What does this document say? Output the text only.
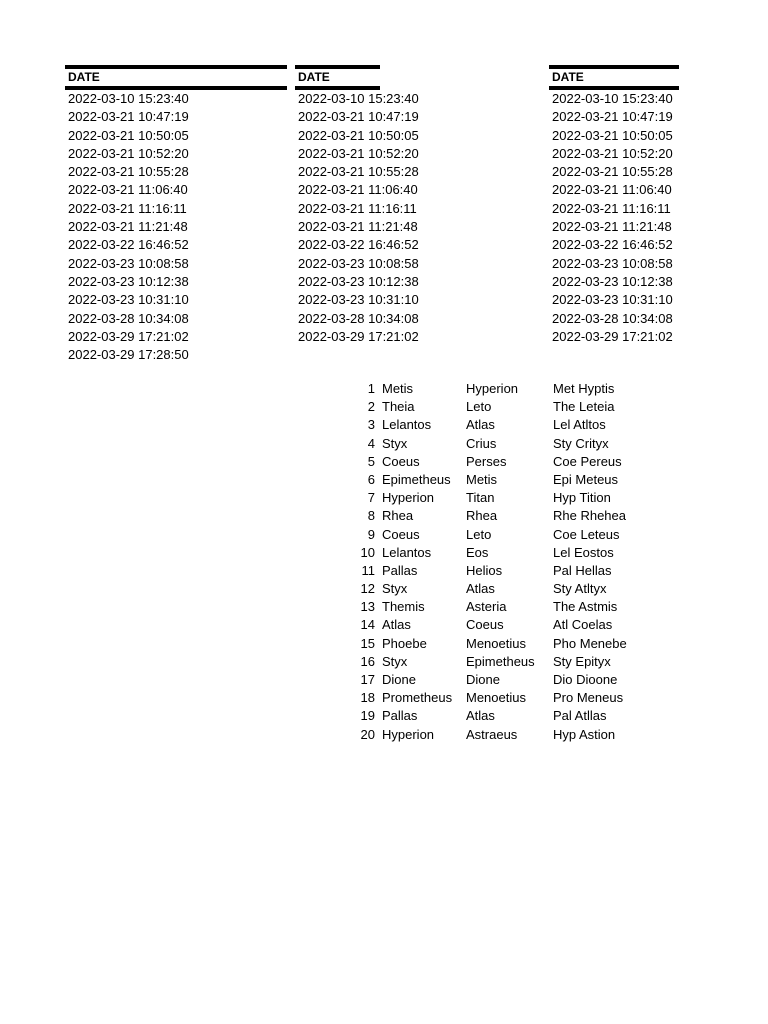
DATE
2022-03-10 15:23:40
2022-03-21 10:47:19
2022-03-21 10:50:05
2022-03-21 10:52:20
2022-03-21 10:55:28
2022-03-21 11:06:40
2022-03-21 11:16:11
2022-03-21 11:21:48
2022-03-22 16:46:52
2022-03-23 10:08:58
2022-03-23 10:12:38
2022-03-23 10:31:10
2022-03-28 10:34:08
2022-03-29 17:21:02
2022-03-29 17:28:50
DATE
2022-03-10 15:23:40
2022-03-21 10:47:19
2022-03-21 10:50:05
2022-03-21 10:52:20
2022-03-21 10:55:28
2022-03-21 11:06:40
2022-03-21 11:16:11
2022-03-21 11:21:48
2022-03-22 16:46:52
2022-03-23 10:08:58
2022-03-23 10:12:38
2022-03-23 10:31:10
2022-03-28 10:34:08
2022-03-29 17:21:02
DATE
2022-03-10 15:23:40
2022-03-21 10:47:19
2022-03-21 10:50:05
2022-03-21 10:52:20
2022-03-21 10:55:28
2022-03-21 11:06:40
2022-03-21 11:16:11
2022-03-21 11:21:48
2022-03-22 16:46:52
2022-03-23 10:08:58
2022-03-23 10:12:38
2022-03-23 10:31:10
2022-03-28 10:34:08
2022-03-29 17:21:02
1 Metis	Hyperion	Met Hyptis
2 Theia	Leto	The Leteia
3 Lelantos	Atlas	Lel Atltos
4 Styx	Crius	Sty Crityx
5 Coeus	Perses	Coe Pereus
6 Epimetheus	Metis	Epi Meteus
7 Hyperion	Titan	Hyp Tition
8 Rhea	Rhea	Rhe Rhehea
9 Coeus	Leto	Coe Leteus
10 Lelantos	Eos	Lel Eostos
11 Pallas	Helios	Pal Hellas
12 Styx	Atlas	Sty Atltyx
13 Themis	Asteria	The Astmis
14 Atlas	Coeus	Atl Coelas
15 Phoebe	Menoetius	Pho Menebe
16 Styx	Epimetheus	Sty Epityx
17 Dione	Dione	Dio Dioone
18 Prometheus	Menoetius	Pro Meneus
19 Pallas	Atlas	Pal Atllas
20 Hyperion	Astraeus	Hyp Astion
